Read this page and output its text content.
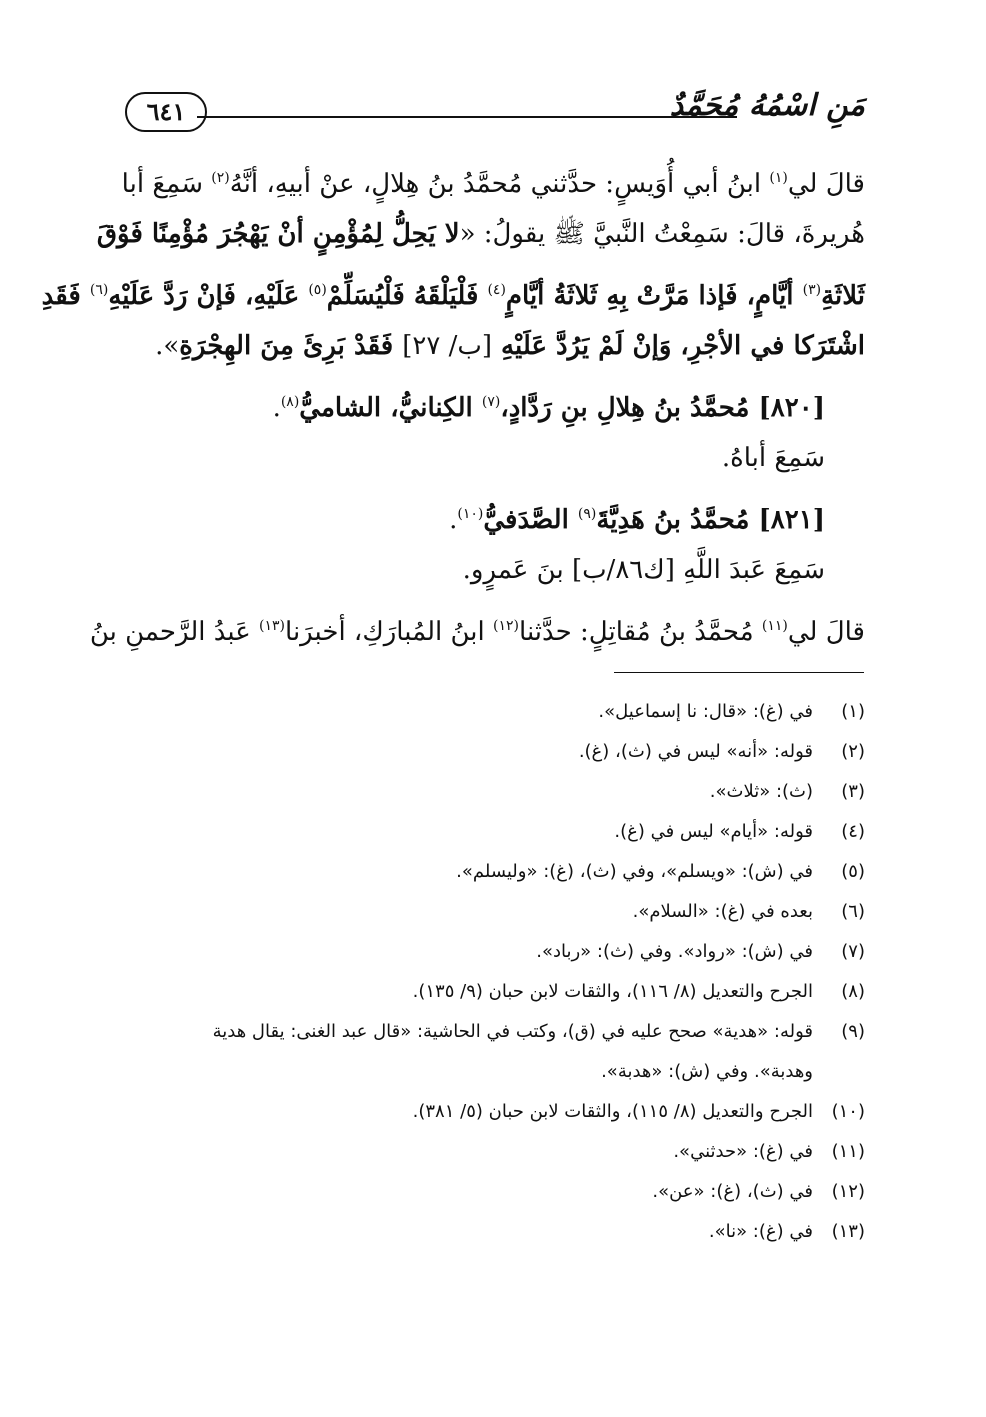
مَنِ اسْمُهُ مُحَمَّدٌ
٦٤١
قالَ لي$^{(١)}$ ابنُ أبي أُوَيسٍ: حدَّثني مُحمَّدُ بنُ هِلالٍ، عنْ أبيهِ، أنَّهُ$^{(٢)}$ سَمِعَ أبا
هُريرةَ، قالَ: سَمِعْتُ النَّبيَّ ﷺ يقولُ: «لا يَحِلُّ لِمُؤْمِنٍ أنْ يَهْجُرَ مُؤْمِنًا فَوْقَ
ثَلاثَةِ$^{(٣)}$ أيَّامٍ، فَإذا مَرَّتْ بِهِ ثَلاثَةُ أيَّامٍ$^{(٤)}$ فَلْيَلْقَهُ فَلْيُسَلِّمْ$^{(٥)}$ عَلَيْهِ، فَإنْ رَدَّ عَلَيْهِ$^{(٦)}$ فَقَدِ
اشْتَرَكا في الأجْرِ، وَإنْ لَمْ يَرُدَّ عَلَيْهِ [ب/ ٢٧] فَقَدْ بَرِئَ مِنَ الهِجْرَةِ».
[٨٢٠] مُحمَّدُ بنُ هِلالِ بنِ رَدَّادٍ،$^{(٧)}$ الكِنانيُّ، الشاميُّ$^{(٨)}$.
سَمِعَ أباهُ.
[٨٢١] مُحمَّدُ بنُ هَدِيَّةَ$^{(٩)}$ الصَّدَفيُّ$^{(١٠)}$.
سَمِعَ عَبدَ اللَّهِ [ك٨٦/ب] بنَ عَمرٍو.
قالَ لي$^{(١١)}$ مُحمَّدُ بنُ مُقاتِلٍ: حدَّثنا$^{(١٢)}$ ابنُ المُبارَكِ، أخبرَنا$^{(١٣)}$ عَبدُ الرَّحمنِ بنُ
(١)في (غ): «قال: نا إسماعيل».
(٢)قوله: «أنه» ليس في (ث)، (غ).
(٣)(ث): «ثلاث».
(٤)قوله: «أيام» ليس في (غ).
(٥)في (ش): «ويسلم»، وفي (ث)، (غ): «وليسلم».
(٦)بعده في (غ): «السلام».
(٧)في (ش): «رواد». وفي (ث): «رباد».
(٨)الجرح والتعديل (٨/ ١١٦)، والثقات لابن حبان (٩/ ١٣٥).
(٩)قوله: «هدية» صحح عليه في (ق)، وكتب في الحاشية: «قال عبد الغنى: يقال هدية
وهدبة». وفي (ش): «هدبة».
(١٠)الجرح والتعديل (٨/ ١١٥)، والثقات لابن حبان (٥/ ٣٨١).
(١١)في (غ): «حدثني».
(١٢)في (ث)، (غ): «عن».
(١٣)في (غ): «نا».
